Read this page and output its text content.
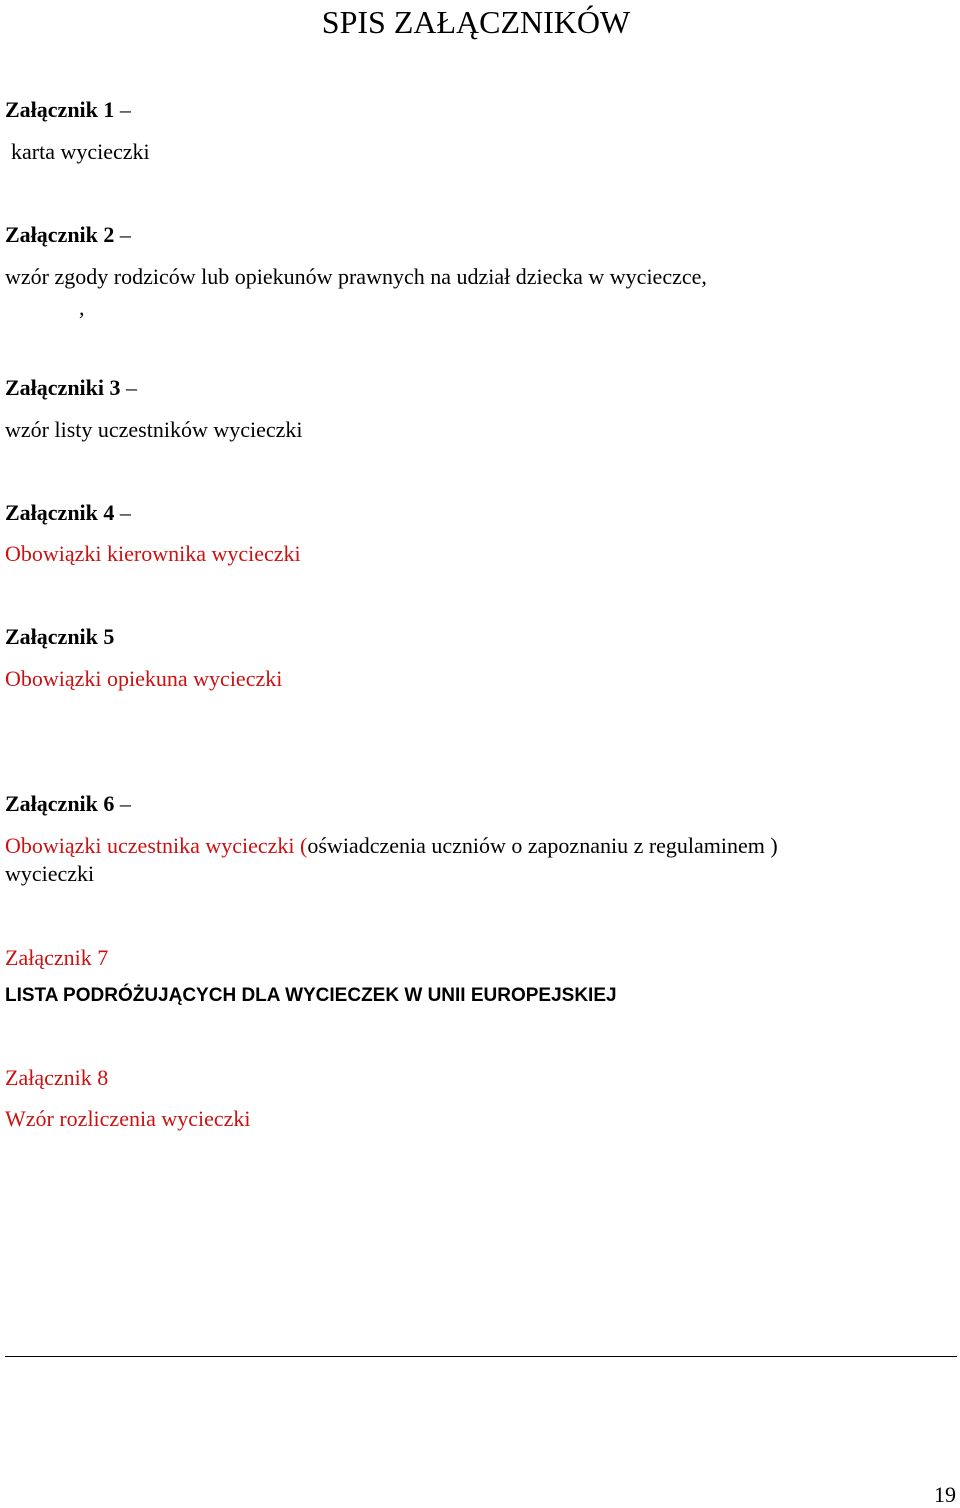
SPIS ZAŁĄCZNIKÓW
Załącznik 1 –
karta wycieczki
Załącznik 2 –
wzór zgody rodziców lub opiekunów prawnych na udział dziecka w wycieczce,
,
Załączniki 3 –
wzór listy uczestników wycieczki
Załącznik 4 –
Obowiązki kierownika wycieczki
Załącznik 5
Obowiązki opiekuna wycieczki
Załącznik 6 –
Obowiązki uczestnika wycieczki (oświadczenia uczniów o zapoznaniu z regulaminem )
wycieczki
Załącznik 7
LISTA PODRÓŻUJĄCYCH DLA WYCIECZEK W UNII EUROPEJSKIEJ
Załącznik 8
Wzór rozliczenia wycieczki
19
